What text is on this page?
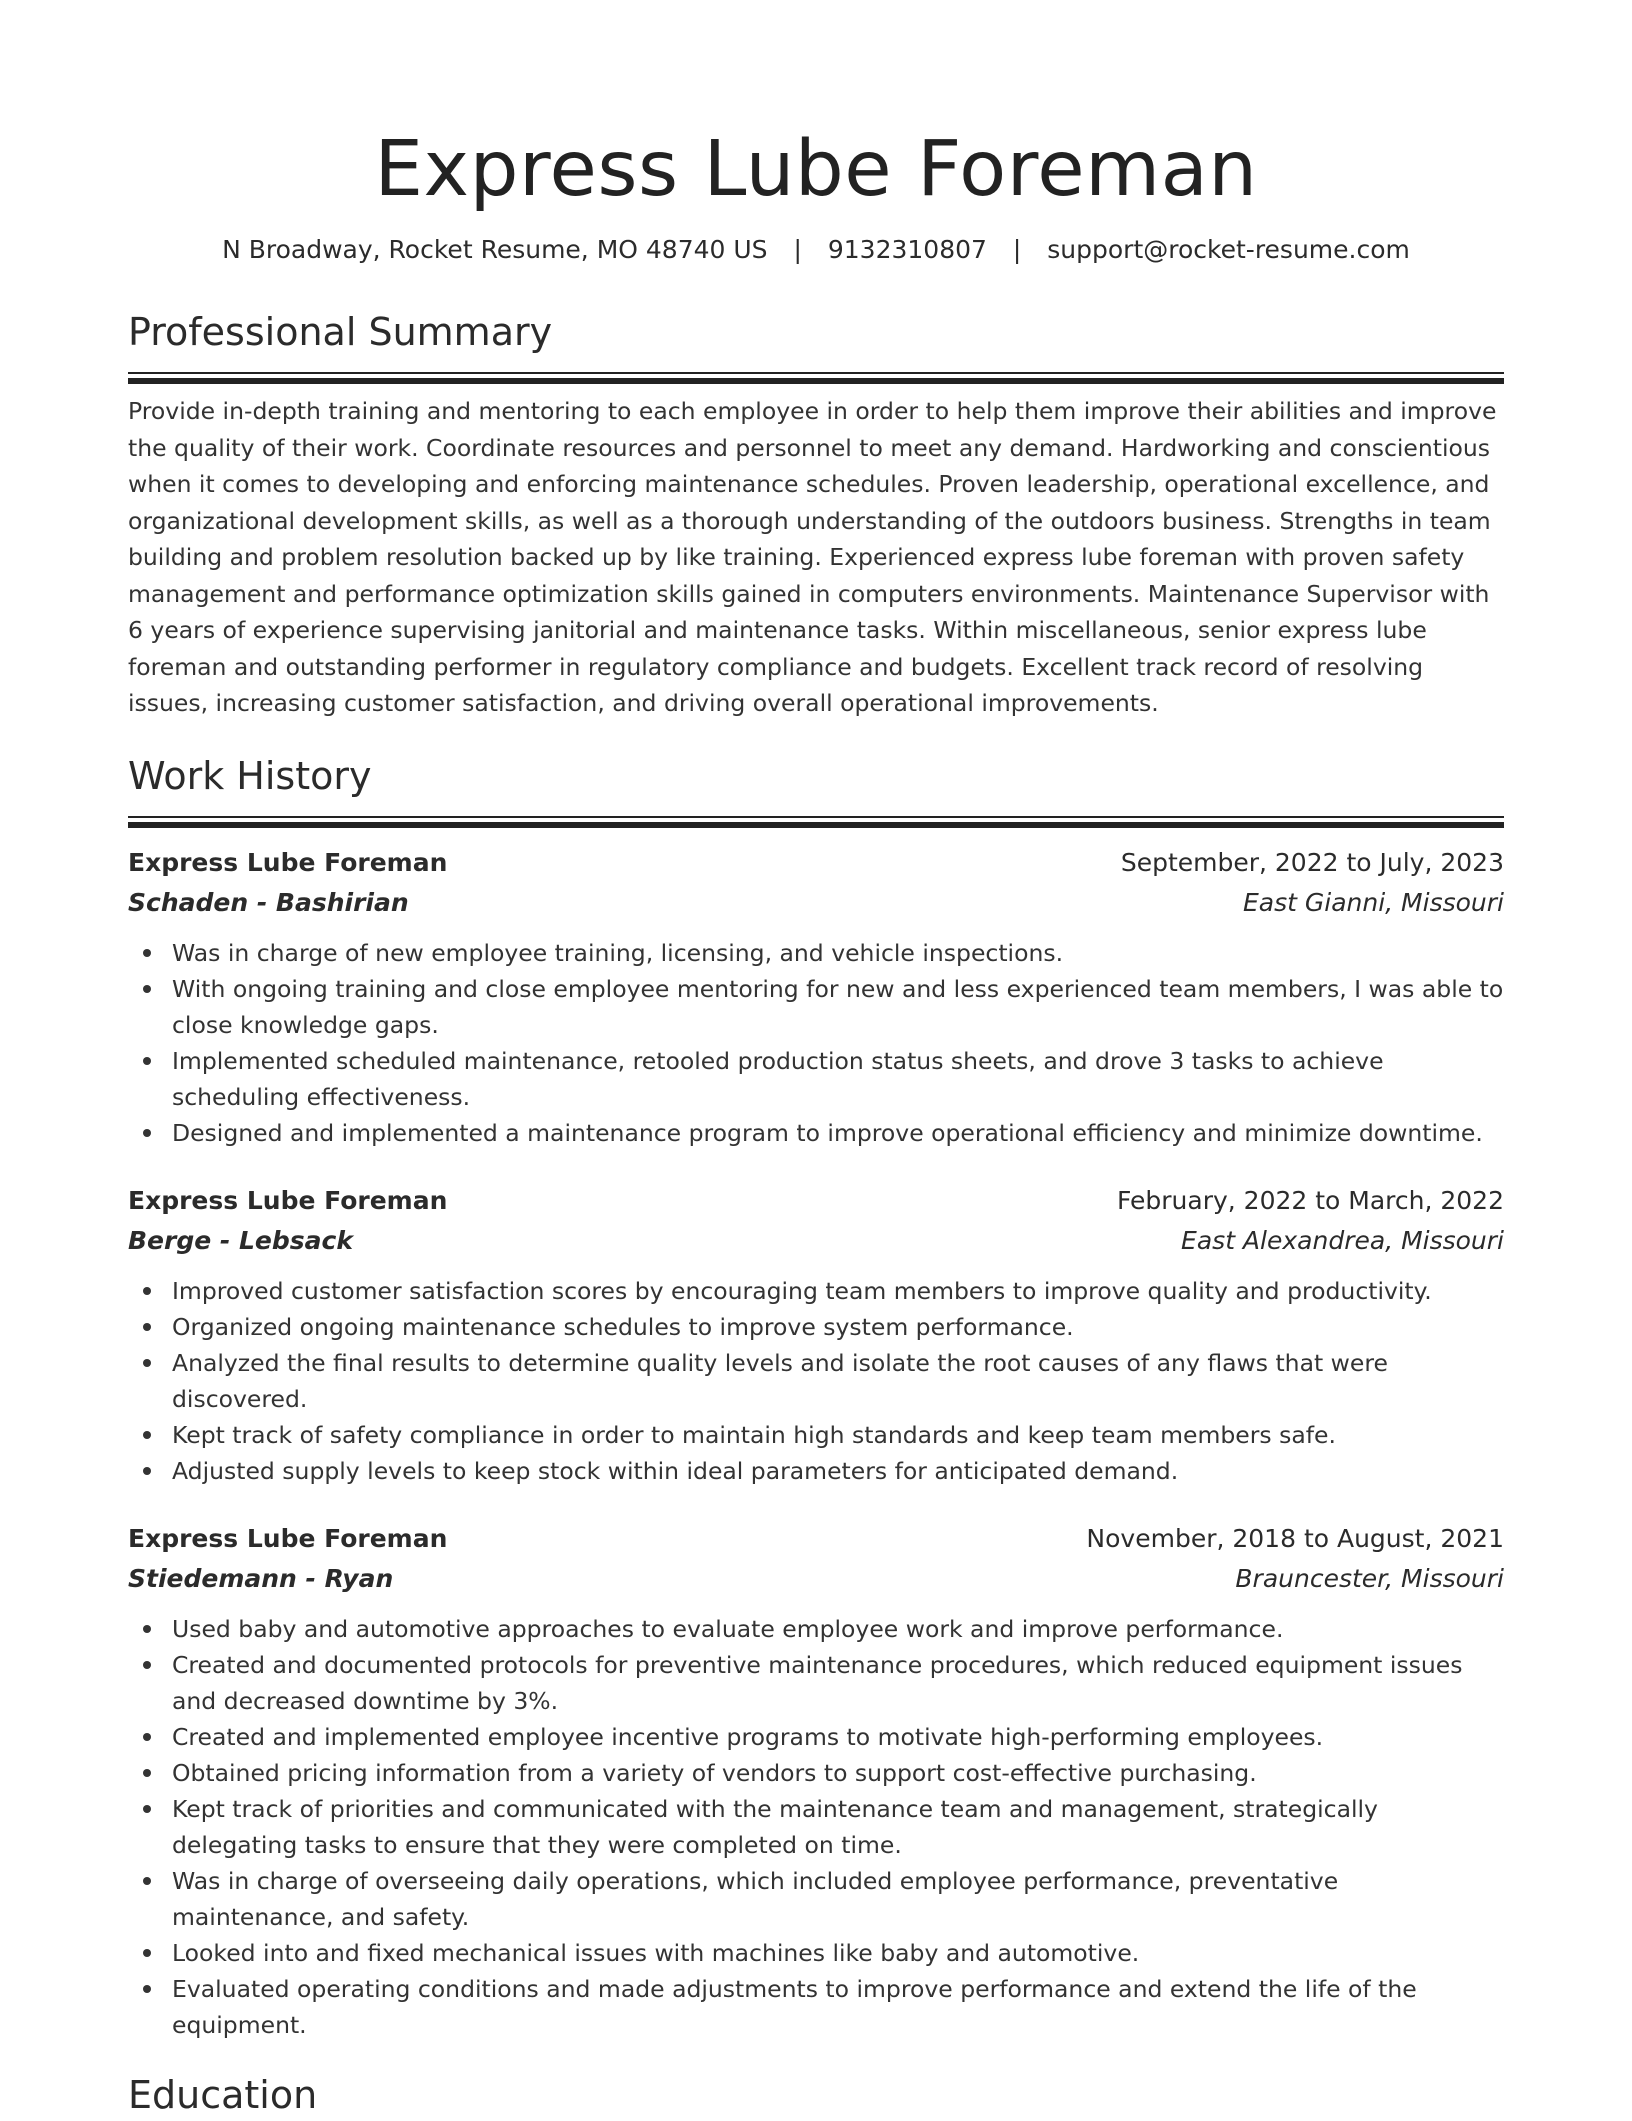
Express Lube Foreman
N Broadway, Rocket Resume, MO 48740 US | 9132310807 | support@rocket-resume.com
Professional Summary

Provide in-depth training and mentoring to each employee in order to help them improve their abilities and improve the quality of their work. Coordinate resources and personnel to meet any demand. Hardworking and conscientious when it comes to developing and enforcing maintenance schedules. Proven leadership, operational excellence, and organizational development skills, as well as a thorough understanding of the outdoors business. Strengths in team building and problem resolution backed up by like training. Experienced express lube foreman with proven safety management and performance optimization skills gained in computers environments. Maintenance Supervisor with 6 years of experience supervising janitorial and maintenance tasks. Within miscellaneous, senior express lube foreman and outstanding performer in regulatory compliance and budgets. Excellent track record of resolving issues, increasing customer satisfaction, and driving overall operational improvements.

Work History
Express Lube Foreman	September, 2022 to July, 2023
Schaden - Bashirian	East Gianni, Missouri
Was in charge of new employee training, licensing, and vehicle inspections.
With ongoing training and close employee mentoring for new and less experienced team members, I was able to close knowledge gaps.
Implemented scheduled maintenance, retooled production status sheets, and drove 3 tasks to achieve scheduling effectiveness.
Designed and implemented a maintenance program to improve operational efficiency and minimize downtime.
Express Lube Foreman	February, 2022 to March, 2022
Berge - Lebsack	East Alexandrea, Missouri
Improved customer satisfaction scores by encouraging team members to improve quality and productivity.
Organized ongoing maintenance schedules to improve system performance.
Analyzed the final results to determine quality levels and isolate the root causes of any flaws that were discovered.
Kept track of safety compliance in order to maintain high standards and keep team members safe.
Adjusted supply levels to keep stock within ideal parameters for anticipated demand.
Express Lube Foreman	November, 2018 to August, 2021
Stiedemann - Ryan	Brauncester, Missouri
Used baby and automotive approaches to evaluate employee work and improve performance.
Created and documented protocols for preventive maintenance procedures, which reduced equipment issues and decreased downtime by 3%.
Created and implemented employee incentive programs to motivate high-performing employees.
Obtained pricing information from a variety of vendors to support cost-effective purchasing.
Kept track of priorities and communicated with the maintenance team and management, strategically delegating tasks to ensure that they were completed on time.
Was in charge of overseeing daily operations, which included employee performance, preventative maintenance, and safety.
Looked into and fixed mechanical issues with machines like baby and automotive.
Evaluated operating conditions and made adjustments to improve performance and extend the life of the equipment.
Education
